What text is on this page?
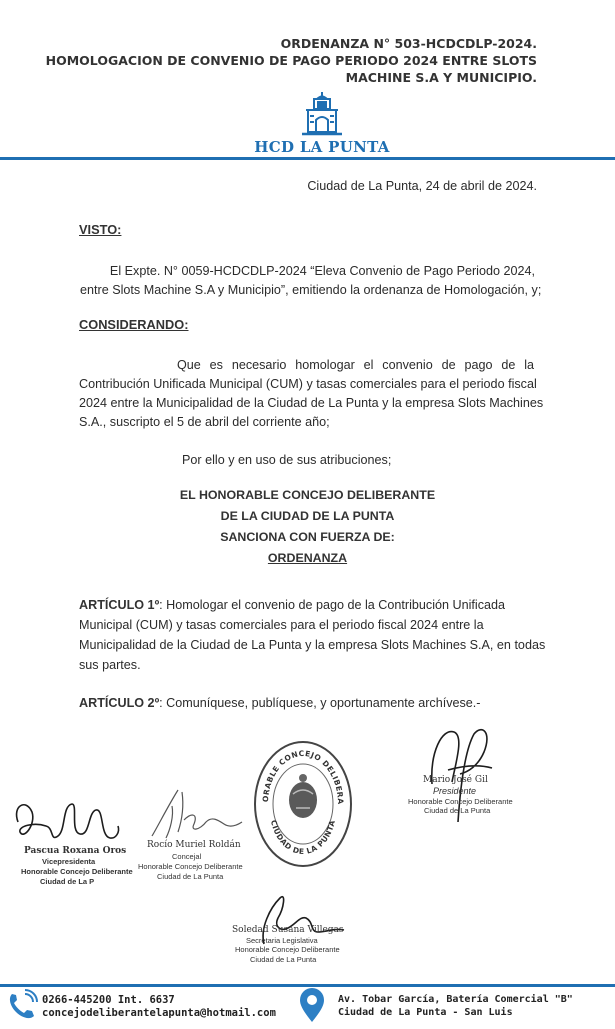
ORDENANZA N° 503-HCDCDLP-2024.
HOMOLOGACION DE CONVENIO DE PAGO PERIODO 2024 ENTRE SLOTS
MACHINE S.A Y MUNICIPIO.
HCD LA PUNTA
Ciudad de La Punta, 24 de abril de 2024.
VISTO:
El Expte. N° 0059-HCDCDLP-2024 “Eleva Convenio de Pago Periodo 2024,
entre Slots Machine S.A y Municipio”, emitiendo la ordenanza de Homologación, y;
CONSIDERANDO:
Que es necesario homologar el convenio de pago de la
Contribución Unificada Municipal (CUM) y tasas comerciales para el periodo fiscal
2024 entre la Municipalidad de la Ciudad de La Punta y la empresa Slots Machines
S.A., suscripto el 5 de abril del corriente año;
Por ello y en uso de sus atribuciones;
EL HONORABLE CONCEJO DELIBERANTE
DE LA CIUDAD DE LA PUNTA
SANCIONA CON FUERZA DE:
ORDENANZA
ARTÍCULO 1º: Homologar el convenio de pago de la Contribución Unificada
Municipal (CUM) y tasas comerciales para el periodo fiscal 2024 entre la
Municipalidad de la Ciudad de La Punta y la empresa Slots Machines S.A, en todas
sus partes.
ARTÍCULO 2º: Comuníquese, publíquese, y oportunamente archívese.-
ORABLE CONCEJO DELIBERA
CIUDAD DE LA PUNTA
Mario José Gil
Presidente
Honorable Concejo Deliberante
Ciudad de La Punta
Pascua Roxana Oros
Vicepresidenta
Honorable Concejo Deliberante
Ciudad de La P
Rocío Muriel Roldán
Concejal
Honorable Concejo Deliberante
Ciudad de La Punta
Soledad Susana Villegas
Secretaria Legislativa
Honorable Concejo Deliberante
Ciudad de La Punta
0266-445200 Int. 6637
concejodeliberantelapunta@hotmail.com
Av. Tobar García, Batería Comercial "B"
Ciudad de La Punta - San Luis
